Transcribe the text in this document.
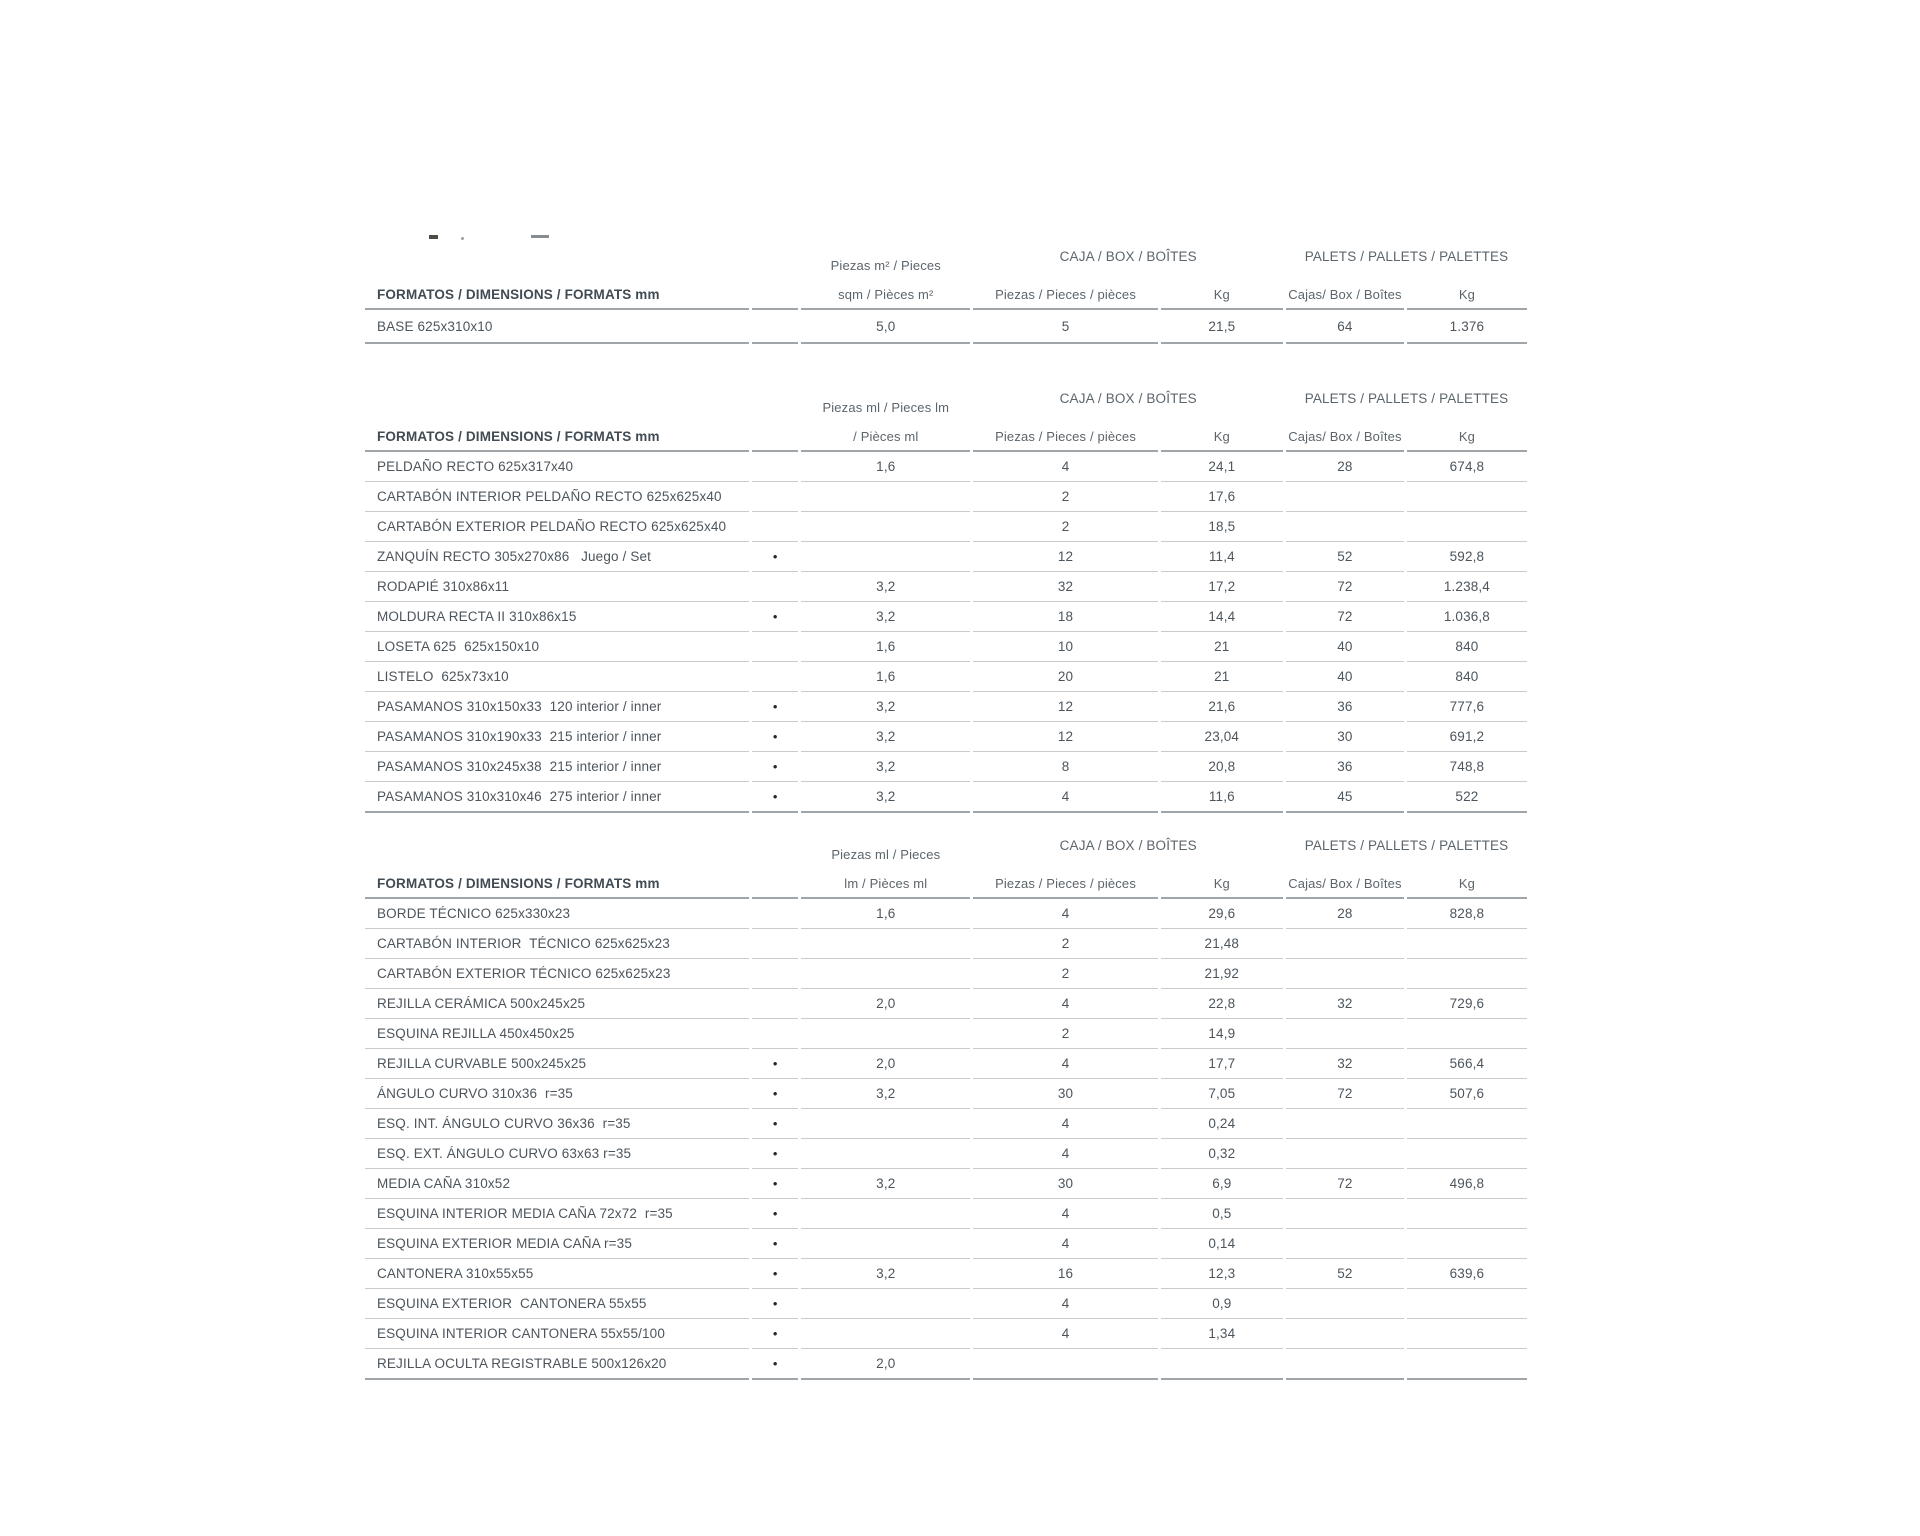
		Piezas m² / Pieces	CAJA / BOX / BOÎTES		PALETS / PALLETS / PALETTES	
FORMATOS / DIMENSIONS / FORMATS mm		sqm / Pièces m²	Piezas / Pieces / pièces	Kg	Cajas/ Box / Boîtes	Kg
BASE 625x310x10		5,0	5	21,5	64	1.376
		Piezas ml / Pieces lm	CAJA / BOX / BOÎTES		PALETS / PALLETS / PALETTES	
FORMATOS / DIMENSIONS / FORMATS mm		/ Pièces ml	Piezas / Pieces / pièces	Kg	Cajas/ Box / Boîtes	Kg
PELDAÑO RECTO 625x317x40		1,6	4	24,1	28	674,8
CARTABÓN INTERIOR PELDAÑO RECTO 625x625x40			2	17,6		
CARTABÓN EXTERIOR PELDAÑO RECTO 625x625x40			2	18,5		
ZANQUÍN RECTO 305x270x86   Juego / Set	•		12	11,4	52	592,8
RODAPIÉ 310x86x11		3,2	32	17,2	72	1.238,4
MOLDURA RECTA II 310x86x15	•	3,2	18	14,4	72	1.036,8
LOSETA 625  625x150x10		1,6	10	21	40	840
LISTELO  625x73x10		1,6	20	21	40	840
PASAMANOS 310x150x33  120 interior / inner	•	3,2	12	21,6	36	777,6
PASAMANOS 310x190x33  215 interior / inner	•	3,2	12	23,04	30	691,2
PASAMANOS 310x245x38  215 interior / inner	•	3,2	8	20,8	36	748,8
PASAMANOS 310x310x46  275 interior / inner	•	3,2	4	11,6	45	522
		Piezas ml / Pieces	CAJA / BOX / BOÎTES		PALETS / PALLETS / PALETTES	
FORMATOS / DIMENSIONS / FORMATS mm		lm / Pièces ml	Piezas / Pieces / pièces	Kg	Cajas/ Box / Boîtes	Kg
BORDE TÉCNICO 625x330x23		1,6	4	29,6	28	828,8
CARTABÓN INTERIOR  TÉCNICO 625x625x23			2	21,48		
CARTABÓN EXTERIOR TÉCNICO 625x625x23			2	21,92		
REJILLA CERÁMICA 500x245x25		2,0	4	22,8	32	729,6
ESQUINA REJILLA 450x450x25			2	14,9		
REJILLA CURVABLE 500x245x25	•	2,0	4	17,7	32	566,4
ÁNGULO CURVO 310x36  r=35	•	3,2	30	7,05	72	507,6
ESQ. INT. ÁNGULO CURVO 36x36  r=35	•		4	0,24		
ESQ. EXT. ÁNGULO CURVO 63x63 r=35	•		4	0,32		
MEDIA CAÑA 310x52	•	3,2	30	6,9	72	496,8
ESQUINA INTERIOR MEDIA CAÑA 72x72  r=35	•		4	0,5		
ESQUINA EXTERIOR MEDIA CAÑA r=35	•		4	0,14		
CANTONERA 310x55x55	•	3,2	16	12,3	52	639,6
ESQUINA EXTERIOR  CANTONERA 55x55	•		4	0,9		
ESQUINA INTERIOR CANTONERA 55x55/100	•		4	1,34		
REJILLA OCULTA REGISTRABLE 500x126x20	•	2,0				
